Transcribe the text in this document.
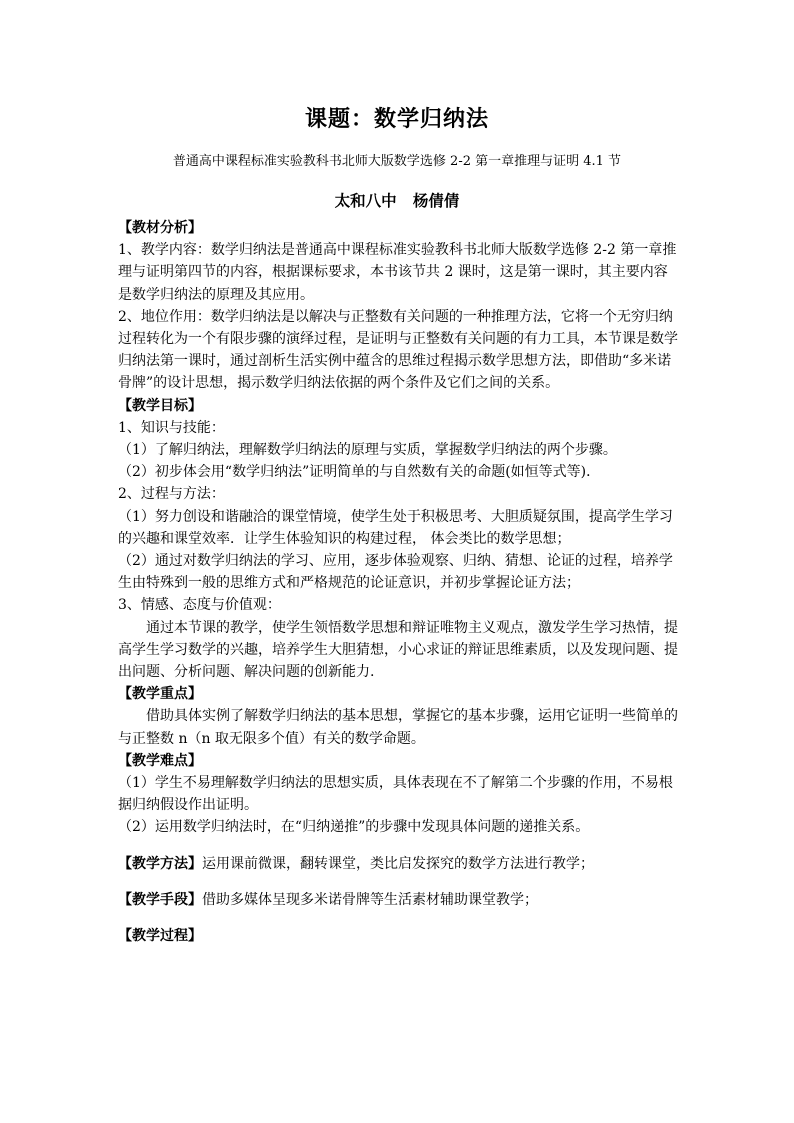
课题：数学归纳法
普通高中课程标准实验教科书北师大版数学选修 2-2 第一章推理与证明 4.1 节
太和八中   杨倩倩

【教材分析】

1、教学内容：数学归纳法是普通高中课程标准实验教科书北师大版数学选修 2-2 第一章推理与证明第四节的内容，根据课标要求，本书该节共 2 课时，这是第一课时，其主要内容是数学归纳法的原理及其应用。

2、地位作用：数学归纳法是以解决与正整数有关问题的一种推理方法，它将一个无穷归纳过程转化为一个有限步骤的演绎过程，是证明与正整数有关问题的有力工具，本节课是数学归纳法第一课时，通过剖析生活实例中蕴含的思维过程揭示数学思想方法，即借助“多米诺骨牌”的设计思想，揭示数学归纳法依据的两个条件及它们之间的关系。

【教学目标】

1、知识与技能：

（1）了解归纳法，理解数学归纳法的原理与实质，掌握数学归纳法的两个步骤。

（2）初步体会用“数学归纳法”证明简单的与自然数有关的命题(如恒等式等)．

2、过程与方法：

（1）努力创设和谐融洽的课堂情境，使学生处于积极思考、大胆质疑氛围，提高学生学习的兴趣和课堂效率．让学生体验知识的构建过程， 体会类比的数学思想；

（2）通过对数学归纳法的学习、应用，逐步体验观察、归纳、猜想、论证的过程，培养学生由特殊到一般的思维方式和严格规范的论证意识，并初步掌握论证方法；

3、情感、态度与价值观：

通过本节课的教学，使学生领悟数学思想和辩证唯物主义观点，激发学生学习热情，提高学生学习数学的兴趣，培养学生大胆猜想，小心求证的辩证思维素质，以及发现问题、提出问题、分析问题、解决问题的创新能力.

【教学重点】

借助具体实例了解数学归纳法的基本思想，掌握它的基本步骤，运用它证明一些简单的与正整数 n（n 取无限多个值）有关的数学命题。

【教学难点】

（1）学生不易理解数学归纳法的思想实质，具体表现在不了解第二个步骤的作用，不易根据归纳假设作出证明。

（2）运用数学归纳法时，在“归纳递推”的步骤中发现具体问题的递推关系。

【教学方法】运用课前微课，翻转课堂，类比启发探究的数学方法进行教学；

【教学手段】借助多媒体呈现多米诺骨牌等生活素材辅助课堂教学；

【教学过程】
